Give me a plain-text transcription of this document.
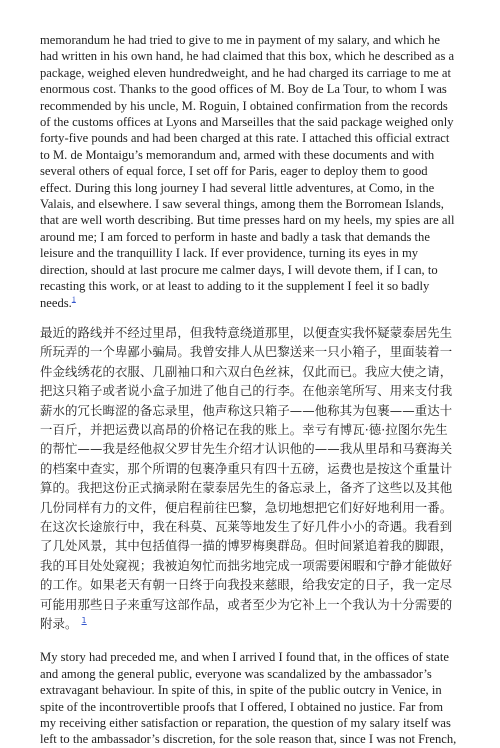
memorandum he had tried to give to me in payment of my salary, and which he
had written in his own hand, he had claimed that this box, which he described as a
package, weighed eleven hundredweight, and he had charged its carriage to me at
enormous cost. Thanks to the good offices of M. Boy de La Tour, to whom I was
recommended by his uncle, M. Roguin, I obtained confirmation from the records
of the customs offices at Lyons and Marseilles that the said package weighed only
forty-five pounds and had been charged at this rate. I attached this official extract
to M. de Montaigu’s memorandum and, armed with these documents and with
several others of equal force, I set off for Paris, eager to deploy them to good
effect. During this long journey I had several little adventures, at Como, in the
Valais, and elsewhere. I saw several things, among them the Borromean Islands,
that are well worth describing. But time presses hard on my heels, my spies are all
around me; I am forced to perform in haste and badly a task that demands the
leisure and the tranquillity I lack. If ever providence, turning its eyes in my
direction, should at last procure me calmer days, I will devote them, if I can, to
recasting this work, or at least to adding to it the supplement I feel it so badly
needs.$^1$

最近的路线并不经过里昂，但我特意绕道那里，以便查实我怀疑蒙泰居先生
所玩弄的一个卑鄙小骗局。我曾安排人从巴黎送来一只小箱子，里面装着一
件金线绣花的衣服、几副袖口和六双白色丝袜，仅此而已。我应大使之请，
把这只箱子或者说小盒子加进了他自己的行李。在他亲笔所写、用来支付我
薪水的冗长晦涩的备忘录里，他声称这只箱子——他称其为包裹——重达十
一百斤，并把运费以高昂的价格记在我的账上。幸亏有博瓦·德·拉图尔先生
的帮忙——我是经他叔父罗甘先生介绍才认识他的——我从里昂和马赛海关
的档案中查实，那个所谓的包裹净重只有四十五磅，运费也是按这个重量计
算的。我把这份正式摘录附在蒙泰居先生的备忘录上，备齐了这些以及其他
几份同样有力的文件，便启程前往巴黎，急切地想把它们好好地利用一番。
在这次长途旅行中，我在科莫、瓦莱等地发生了好几件小小的奇遇。我看到
了几处风景，其中包括值得一描的博罗梅奥群岛。但时间紧追着我的脚跟，
我的耳目处处窥视；我被迫匆忙而拙劣地完成一项需要闲暇和宁静才能做好
的工作。如果老天有朝一日终于向我投来慈眼，给我安定的日子，我一定尽
可能用那些日子来重写这部作品，或者至少为它补上一个我认为十分需要的
附录。 $^1$

My story had preceded me, and when I arrived I found that, in the offices of state
and among the general public, everyone was scandalized by the ambassador’s
extravagant behaviour. In spite of this, in spite of the public outcry in Venice, in
spite of the incontrovertible proofs that I offered, I obtained no justice. Far from
my receiving either satisfaction or reparation, the question of my salary itself was
left to the ambassador’s discretion, for the sole reason that, since I was not French,
